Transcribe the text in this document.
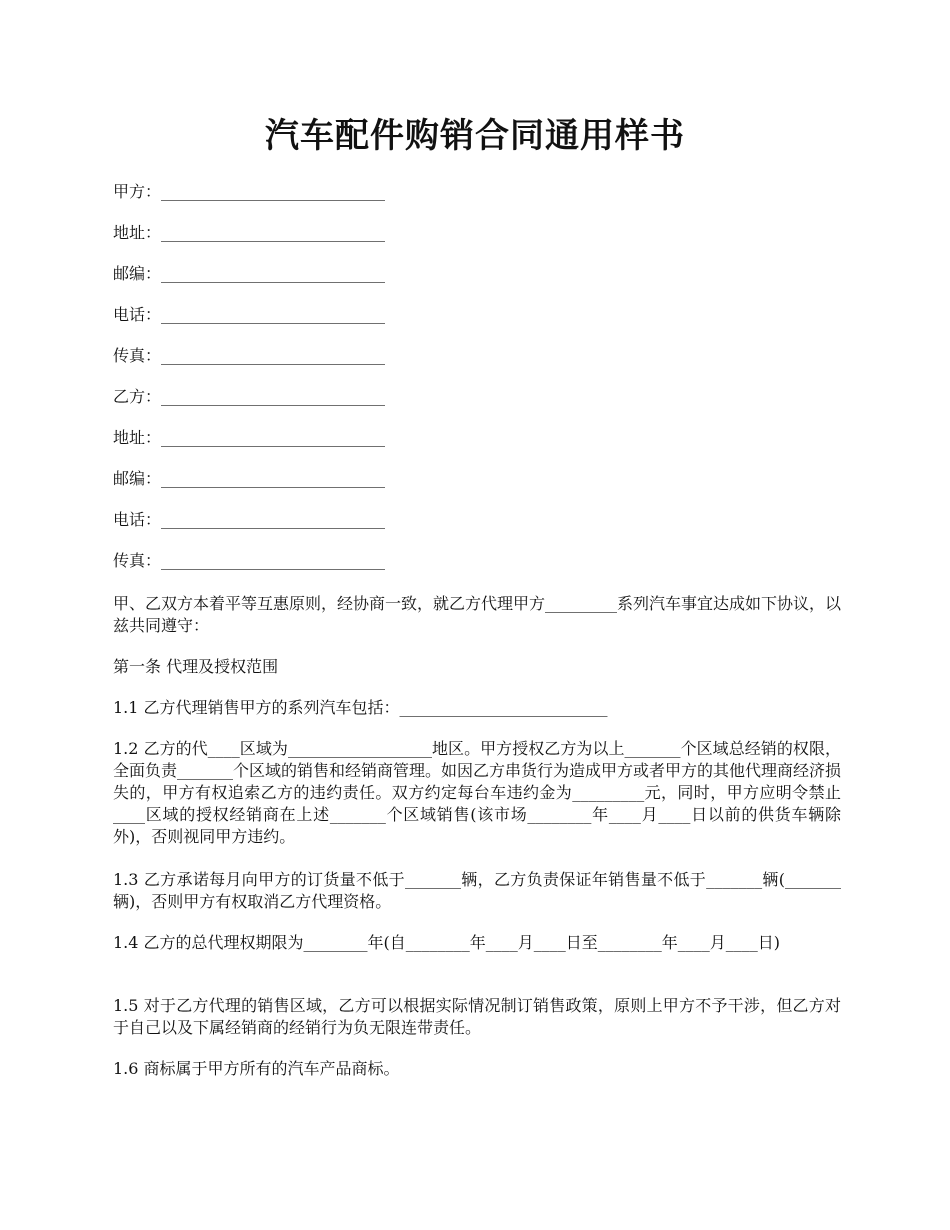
汽车配件购销合同通用样书
甲方：____________________________
地址：____________________________
邮编：____________________________
电话：____________________________
传真：____________________________
乙方：____________________________
地址：____________________________
邮编：____________________________
电话：____________________________
传真：____________________________
甲、乙双方本着平等互惠原则，经协商一致，就乙方代理甲方_________系列汽车事宜达成如下协议，以兹共同遵守：
第一条 代理及授权范围
1.1 乙方代理销售甲方的系列汽车包括：__________________________
1.2 乙方的代____区域为__________________地区。甲方授权乙方为以上_______个区域总经销的权限，全面负责_______个区域的销售和经销商管理。如因乙方串货行为造成甲方或者甲方的其他代理商经济损失的，甲方有权追索乙方的违约责任。双方约定每台车违约金为_________元，同时，甲方应明令禁止____区域的授权经销商在上述_______个区域销售(该市场________年____月____日以前的供货车辆除外)，否则视同甲方违约。
1.3 乙方承诺每月向甲方的订货量不低于_______辆，乙方负责保证年销售量不低于_______辆(_______辆)，否则甲方有权取消乙方代理资格。
1.4 乙方的总代理权期限为________年(自________年____月____日至________年____月____日)
1.5 对于乙方代理的销售区域，乙方可以根据实际情况制订销售政策，原则上甲方不予干涉，但乙方对于自己以及下属经销商的经销行为负无限连带责任。
1.6 商标属于甲方所有的汽车产品商标。
